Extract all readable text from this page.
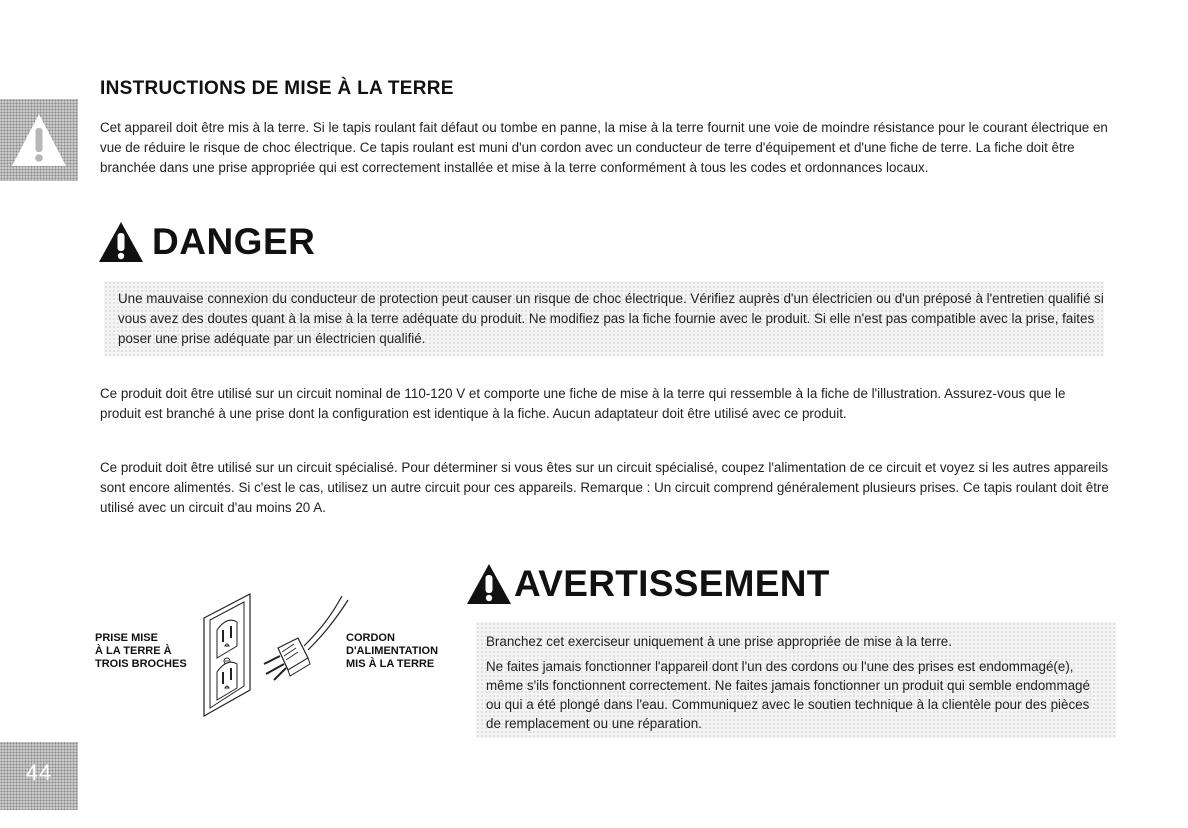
INSTRUCTIONS DE MISE À LA TERRE

Cet appareil doit être mis à la terre. Si le tapis roulant fait défaut ou tombe en panne, la mise à la terre fournit une voie de moindre résistance pour le courant électrique en vue de réduire le risque de choc électrique. Ce tapis roulant est muni d'un cordon avec un conducteur de terre d'équipement et d'une fiche de terre. La fiche doit être branchée dans une prise appropriée qui est correctement installée et mise à la terre conformément à tous les codes et ordonnances locaux.

DANGER
Une mauvaise connexion du conducteur de protection peut causer un risque de choc électrique. Vérifiez auprès d'un électricien ou d'un préposé à l'entretien qualifié si vous avez des doutes quant à la mise à la terre adéquate du produit. Ne modifiez pas la fiche fournie avec le produit. Si elle n'est pas compatible avec la prise, faites poser une prise adéquate par un électricien qualifié.

Ce produit doit être utilisé sur un circuit nominal de 110-120 V et comporte une fiche de mise à la terre qui ressemble à la fiche de l'illustration. Assurez-vous que le produit est branché à une prise dont la configuration est identique à la fiche. Aucun adaptateur doit être utilisé avec ce produit.

Ce produit doit être utilisé sur un circuit spécialisé. Pour déterminer si vous êtes sur un circuit spécialisé, coupez l'alimentation de ce circuit et voyez si les autres appareils sont encore alimentés. Si c'est le cas, utilisez un autre circuit pour ces appareils. Remarque : Un circuit comprend généralement plusieurs prises. Ce tapis roulant doit être utilisé avec un circuit d'au moins 20 A.

PRISE MISE
À LA TERRE À
TROIS BROCHES
CORDON
D'ALIMENTATION
MIS À LA TERRE
AVERTISSEMENT

Branchez cet exerciseur uniquement à une prise appropriée de mise à la terre.

Ne faites jamais fonctionner l'appareil dont l'un des cordons ou l'une des prises est endommagé(e), même s'ils fonctionnent correctement. Ne faites jamais fonctionner un produit qui semble endommagé ou qui a été plongé dans l'eau. Communiquez avec le soutien technique à la clientèle pour des pièces de remplacement ou une réparation.

44
